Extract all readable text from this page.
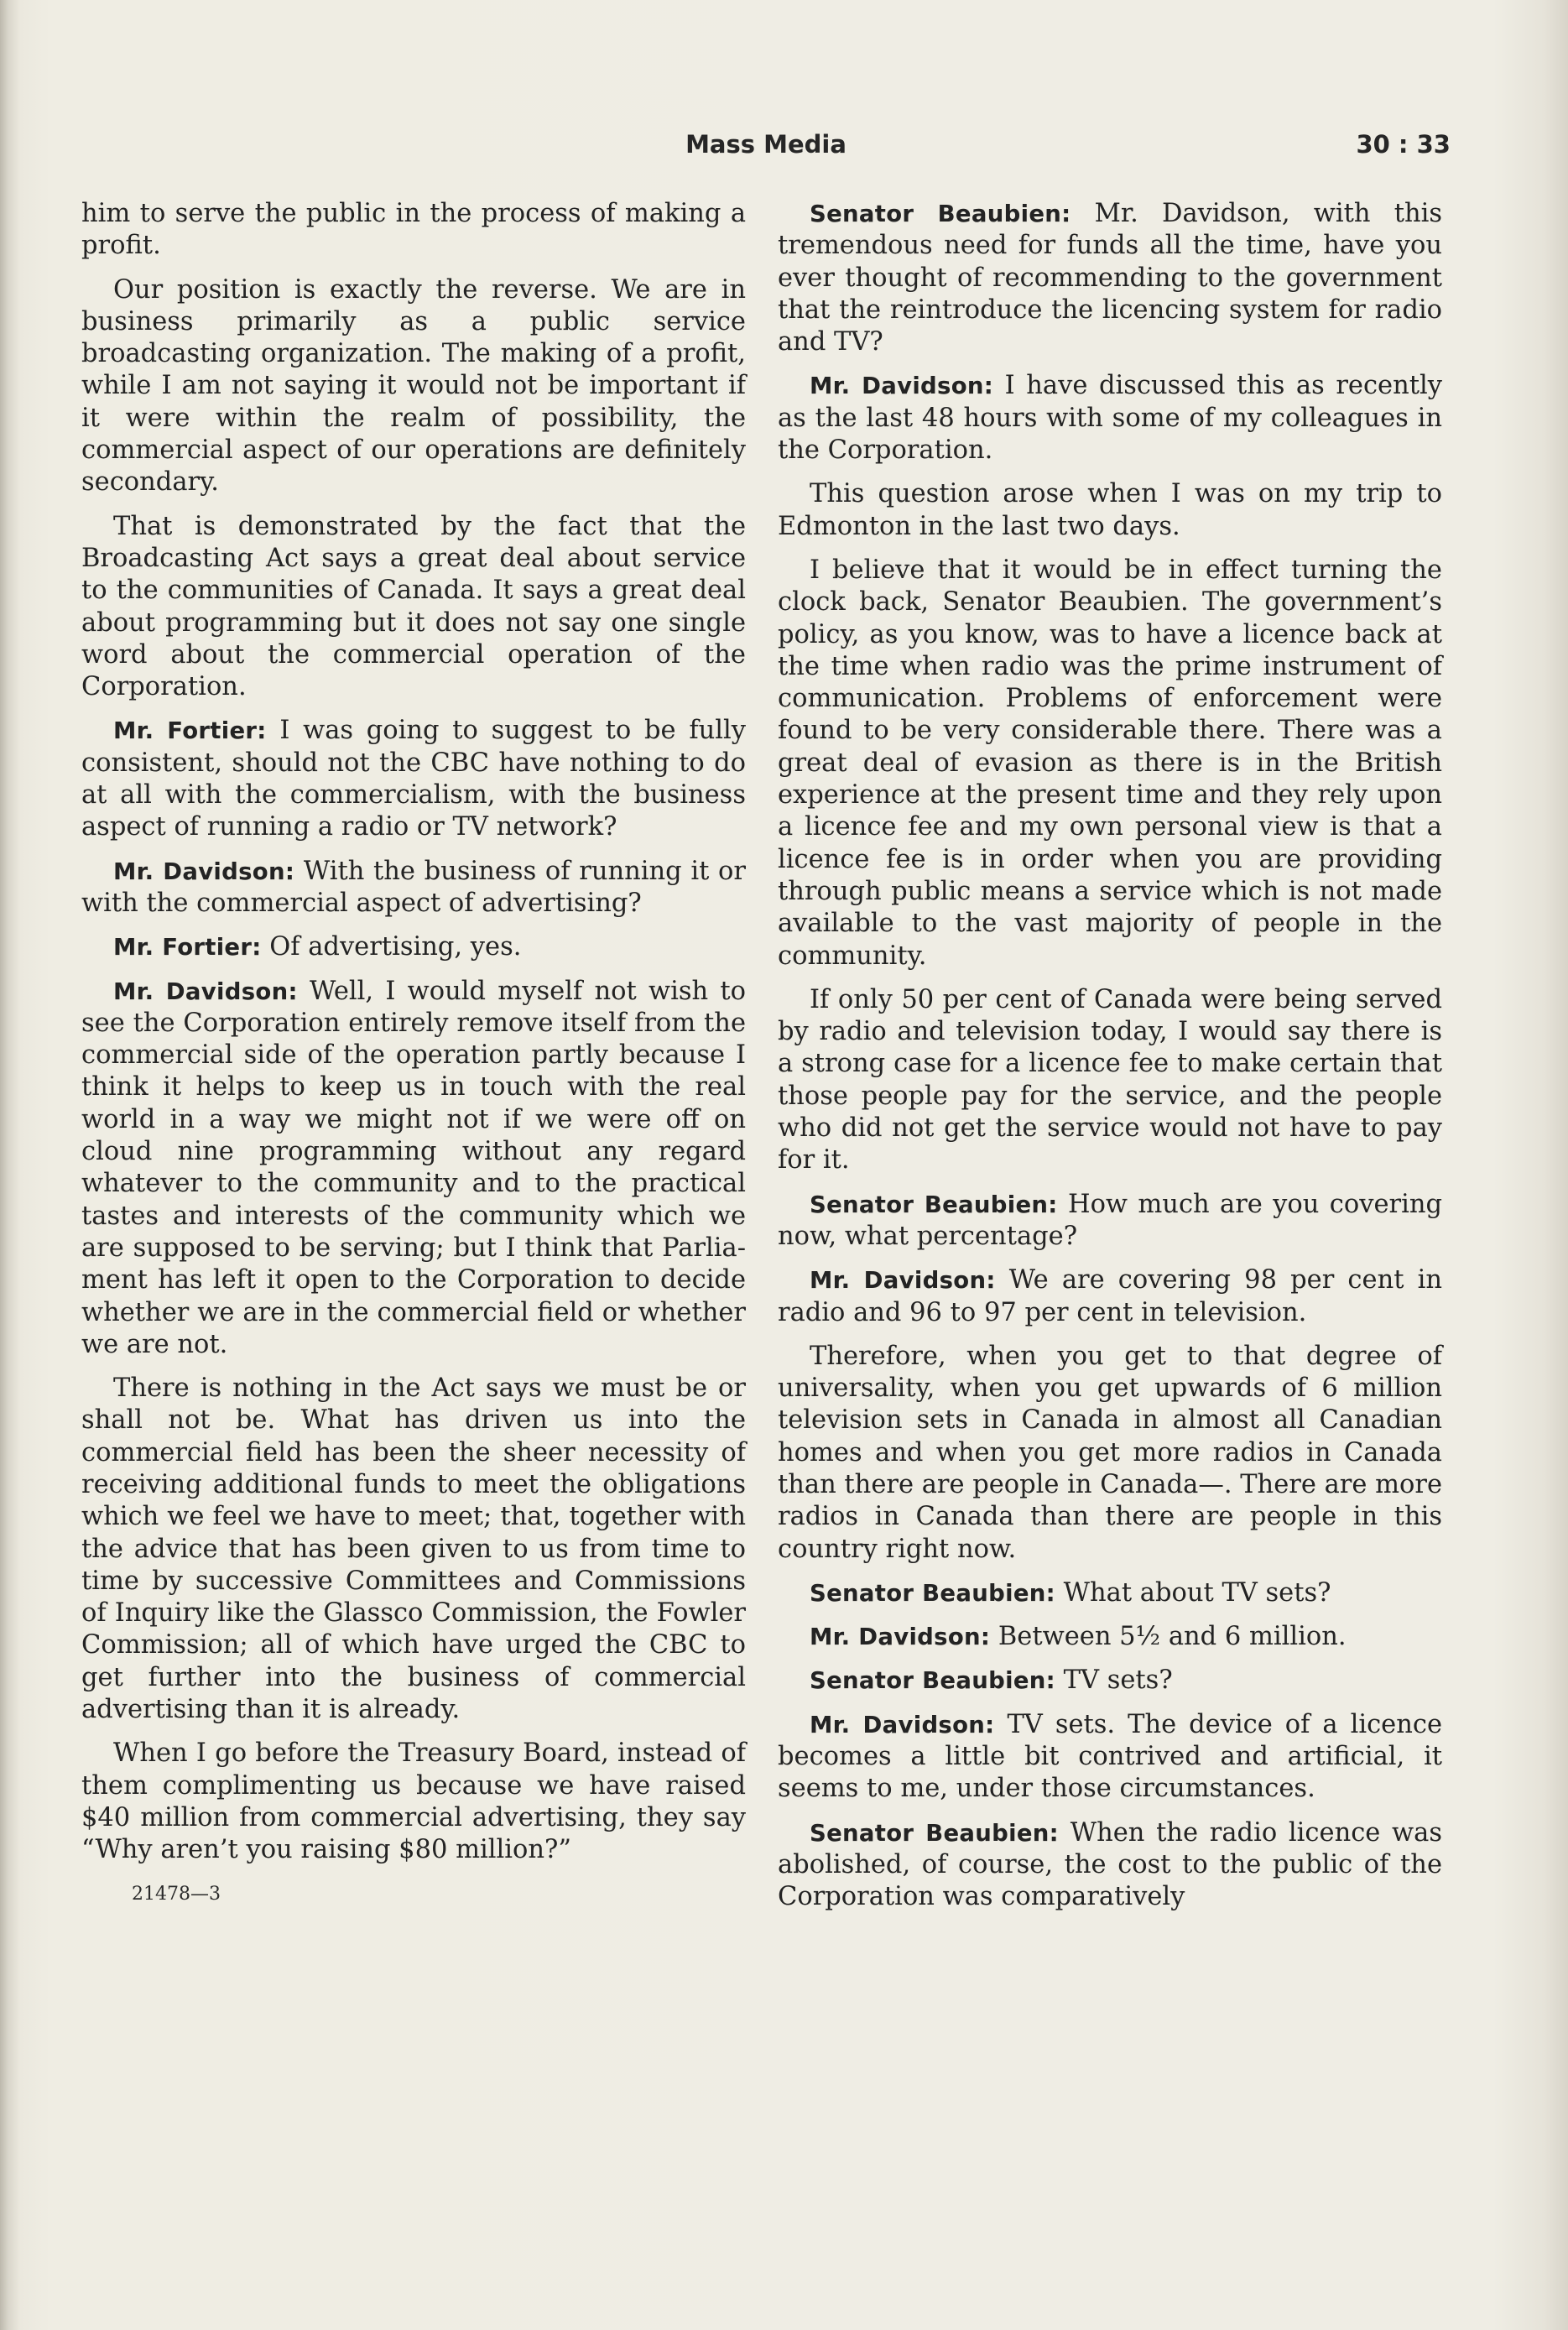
Mass Media	30 : 33

him to serve the public in the process of making a profit.

Our position is exactly the reverse. We are in business primarily as a public service broadcasting organization. The making of a profit, while I am not saying it would not be important if it were within the realm of possibility, the commercial aspect of our operations are definitely secondary.

That is demonstrated by the fact that the Broadcasting Act says a great deal about service to the communities of Canada. It says a great deal about programming but it does not say one single word about the commercial operation of the Corporation.

Mr. Fortier: I was going to suggest to be fully consistent, should not the CBC have nothing to do at all with the commercialism, with the business aspect of running a radio or TV network?

Mr. Davidson: With the business of running it or with the commercial aspect of advertising?

Mr. Fortier: Of advertising, yes.

Mr. Davidson: Well, I would myself not wish to see the Corporation entirely remove itself from the commercial side of the operation partly because I think it helps to keep us in touch with the real world in a way we might not if we were off on cloud nine programming without any regard whatever to the community and to the practical tastes and interests of the community which we are supposed to be serving; but I think that Parliament has left it open to the Corporation to decide whether we are in the commercial field or whether we are not.

There is nothing in the Act says we must be or shall not be. What has driven us into the commercial field has been the sheer necessity of receiving additional funds to meet the obligations which we feel we have to meet; that, together with the advice that has been given to us from time to time by successive Committees and Commissions of Inquiry like the Glassco Commission, the Fowler Commission; all of which have urged the CBC to get further into the business of commercial advertising than it is already.

When I go before the Treasury Board, instead of them complimenting us because we have raised $40 million from commercial advertising, they say “Why aren’t you raising $80 million?”

21478—3

Senator Beaubien: Mr. Davidson, with this tremendous need for funds all the time, have you ever thought of recommending to the government that the reintroduce the licencing system for radio and TV?

Mr. Davidson: I have discussed this as recently as the last 48 hours with some of my colleagues in the Corporation.

This question arose when I was on my trip to Edmonton in the last two days.

I believe that it would be in effect turning the clock back, Senator Beaubien. The government’s policy, as you know, was to have a licence back at the time when radio was the prime instrument of communication. Problems of enforcement were found to be very considerable there. There was a great deal of evasion as there is in the British experience at the present time and they rely upon a licence fee and my own personal view is that a licence fee is in order when you are providing through public means a service which is not made available to the vast majority of people in the community.

If only 50 per cent of Canada were being served by radio and television today, I would say there is a strong case for a licence fee to make certain that those people pay for the service, and the people who did not get the service would not have to pay for it.

Senator Beaubien: How much are you covering now, what percentage?

Mr. Davidson: We are covering 98 per cent in radio and 96 to 97 per cent in television.

Therefore, when you get to that degree of universality, when you get upwards of 6 million television sets in Canada in almost all Canadian homes and when you get more radios in Canada than there are people in Canada—. There are more radios in Canada than there are people in this country right now.

Senator Beaubien: What about TV sets?

Mr. Davidson: Between 5½ and 6 million.

Senator Beaubien: TV sets?

Mr. Davidson: TV sets. The device of a licence becomes a little bit contrived and artificial, it seems to me, under those circumstances.

Senator Beaubien: When the radio licence was abolished, of course, the cost to the public of the Corporation was comparatively
